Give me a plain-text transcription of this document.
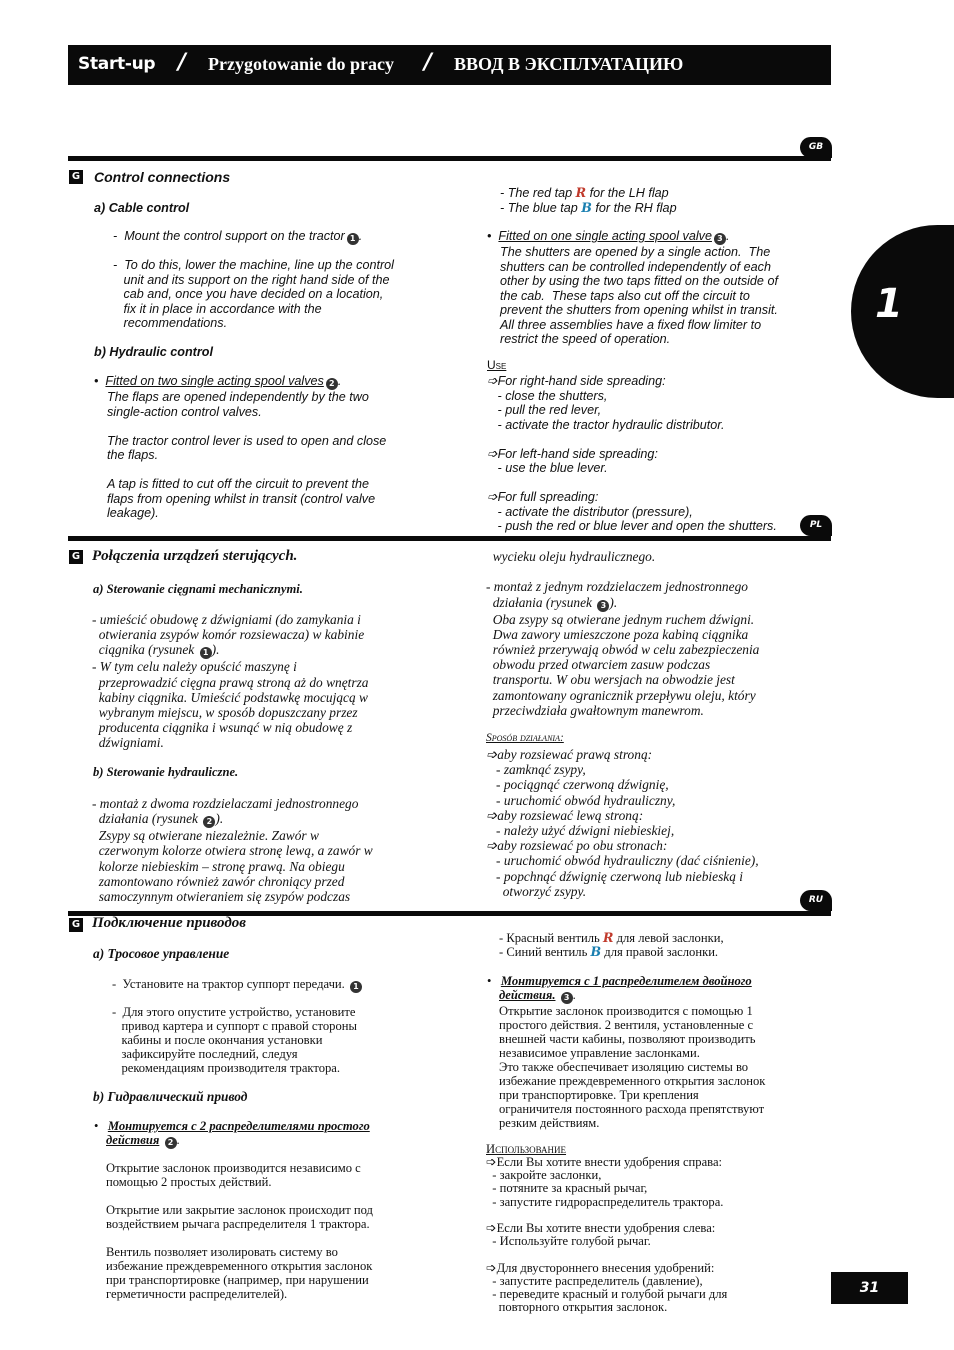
Start-up / Przygotowanie do pracy / ВВОД В ЭКСПЛУАТАЦИЮ
1
GB
G Control connections
a) Cable control
-  Mount the control support on the tractor 1 .
-  To do this, lower the machine, line up the control
unit and its support on the right hand side of the
cab and, once you have decided on a location,
fix it in place in accordance with the
recommendations.
b) Hydraulic control
•  Fitted on two single acting spool valves 2 .
The flaps are opened independently by the two
single-action control valves.
The tractor control lever is used to open and close
the flaps.
A tap is fitted to cut off the circuit to prevent the
flaps from opening whilst in transit (control valve
leakage).
- The red tap R for the LH flap
- The blue tap B for the RH flap
•  Fitted on one single acting spool valve 3 .
The shutters are opened by a single action.  The
shutters can be controlled independently of each
other by using the two taps fitted on the outside of
the cab.  These taps also cut off the circuit to
prevent the shutters from opening whilst in transit.
All three assemblies have a fixed flow limiter to
restrict the speed of operation.
Use
➩For right-hand side spreading:
- close the shutters,
- pull the red lever,
- activate the tractor hydraulic distributor.
➩For left-hand side spreading:
- use the blue lever.
➩For full spreading:
- activate the distributor (pressure),
- push the red or blue lever and open the shutters.	PL
G Połączenia urządzeń sterujących.
a) Sterowanie cięgnami mechanicznymi.
- umieścić obudowę z dźwigniami (do zamykania i
otwierania zsypów komór rozsiewacza) w kabinie
ciągnika (rysunek 1 ).
- W tym celu należy opuścić maszynę i
przeprowadzić cięgna prawą stroną aż do wnętrza
kabiny ciągnika. Umieścić podstawkę mocującą w
wybranym miejscu, w sposób dopuszczany przez
producenta ciągnika i wsunąć w nią obudowę z
dźwigniami.
b) Sterowanie hydrauliczne.
- montaż z dwoma rozdzielaczami jednostronnego
działania (rysunek 2 ).
Zsypy są otwierane niezależnie. Zawór w
czerwonym kolorze otwiera stronę lewą, a zawór w
kolorze niebieskim – stronę prawą. Na obiegu
zamontowano również zawór chroniący przed
samoczynnym otwieraniem się zsypów podczas
wycieku oleju hydraulicznego.
- montaż z jednym rozdzielaczem jednostronnego
działania (rysunek 3 ).
Oba zsypy są otwierane jednym ruchem dźwigni.
Dwa zawory umieszczone poza kabiną ciągnika
również przerywają obwód w celu zabezpieczenia
obwodu przed otwarciem zasuw podczas
transportu. W obu wersjach na obwodzie jest
zamontowany ogranicznik przepływu oleju, który
przeciwdziała gwałtownym manewrom.
Sposób działania:
➩aby rozsiewać prawą stroną:
- zamknąć zsypy,
- pociągnąć czerwoną dźwignię,
- uruchomić obwód hydrauliczny,
➩aby rozsiewać lewą stroną:
- należy użyć dźwigni niebieskiej,
➩aby rozsiewać po obu stronach:
- uruchomić obwód hydrauliczny (dać ciśnienie),
- popchnąć dźwignię czerwoną lub niebieską i
otworzyć zsypy.
RU
G Подключение приводов
a) Тросовое управление
-  Установите на трактор суппорт передачи. 1
-  Для этого опустите устройство, установите
привод картера и суппорт с правой стороны
кабины и после окончания установки
зафиксируйте последний, следуя
рекомендациям производителя трактора.
b) Гидравлический привод
•   Монтируется с 2 распределителями простого
действия 2 .
Открытие заслонок производится независимо с
помощью 2 простых действий.
Открытие или закрытие заслонок происходит под
воздействием рычага распределителя 1 трактора.
Вентиль позволяет изолировать систему во
избежание преждевременного открытия заслонок
при транспортировке (например, при нарушении
герметичности распределителей).
- Красный вентиль R для левой заслонки,
- Синий вентиль B для правой заслонки.
•   Монтируется с 1 распределителем двойного
действия. 3 .
Открытие заслонок производится с помощью 1
простого действия. 2 вентиля, установленные с
внешней части кабины, позволяют производить
независимое управление заслонками.
Это также обеспечивает изоляцию системы во
избежание преждевременного открытия заслонок
при транспортировке. Три крепления
ограничителя постоянного расхода препятствуют
резким действиям.
Использование
➩Если Вы хотите внести удобрения справа:
- закройте заслонки,
- потяните за красный рычаг,
- запустите гидрораспределитель трактора.
➩Если Вы хотите внести удобрения слева:
- Используйте голубой рычаг.
➩Для двустороннего внесения удобрений:
- запустите распределитель (давление),
- переведите красный и голубой рычаги для
повторного открытия заслонок.
31
